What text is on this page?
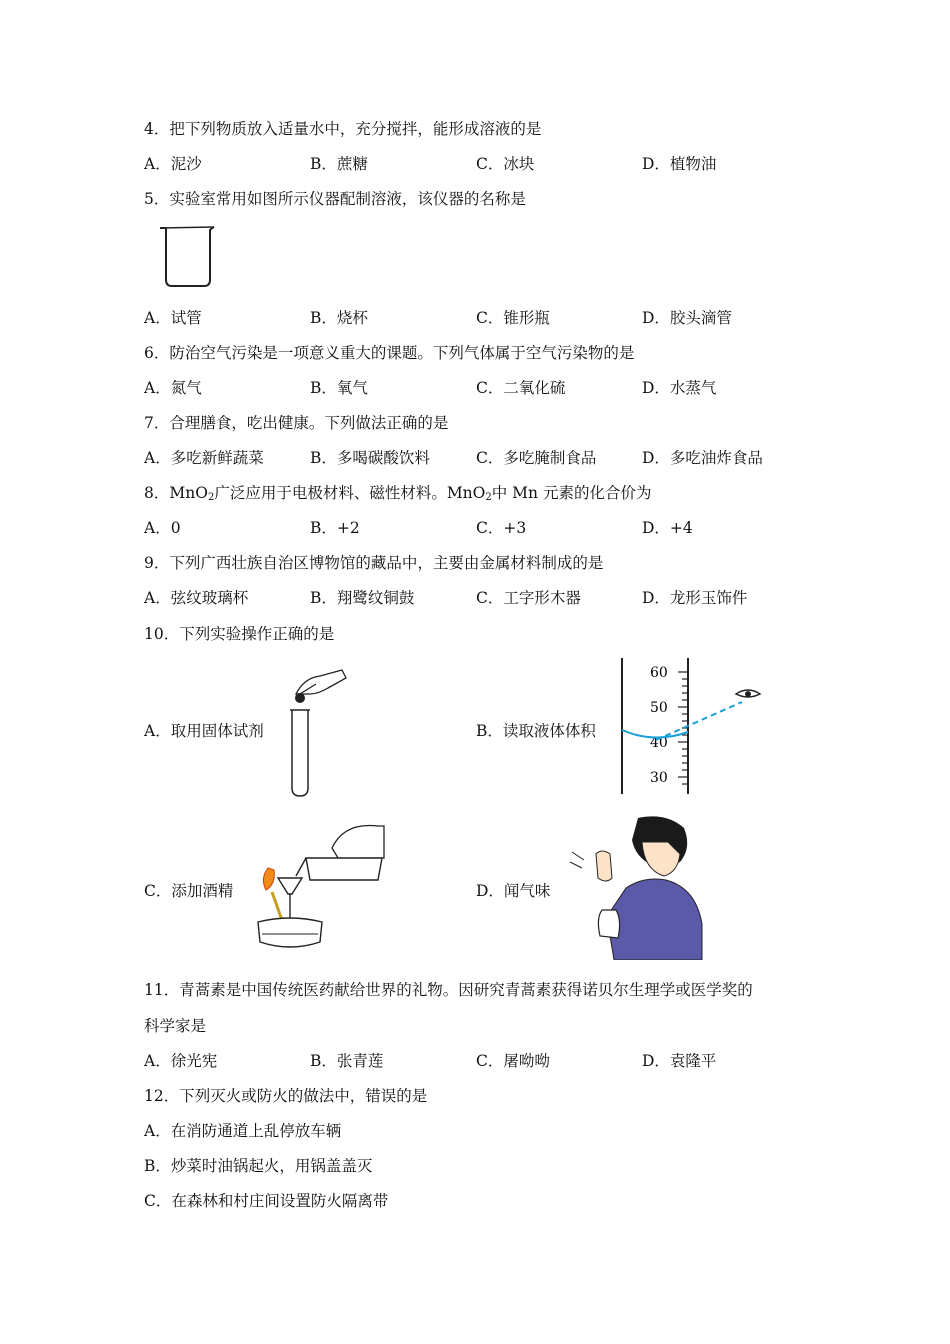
4．把下列物质放入适量水中，充分搅拌，能形成溶液的是
A．泥沙	B．蔗糖	C．冰块	D．植物油
5．实验室常用如图所示仪器配制溶液，该仪器的名称是
A．试管	B．烧杯	C．锥形瓶	D．胶头滴管
6．防治空气污染是一项意义重大的课题。下列气体属于空气污染物的是
A．氮气	B．氧气	C．二氧化硫	D．水蒸气
7．合理膳食，吃出健康。下列做法正确的是
A．多吃新鲜蔬菜	B．多喝碳酸饮料	C．多吃腌制食品	D．多吃油炸食品
8．MnO$_2$广泛应用于电极材料、磁性材料。MnO$_2$中 Mn 元素的化合价为
A．0	B．+2	C．+3	D．+4
9．下列广西壮族自治区博物馆的藏品中，主要由金属材料制成的是
A．弦纹玻璃杯	B．翔鹭纹铜鼓	C．工字形木器	D．龙形玉饰件
10．下列实验操作正确的是
A．取用固体试剂	B．读取液体体积
60
50
40
30
C．添加酒精	D．闻气味
11．青蒿素是中国传统医药献给世界的礼物。因研究青蒿素获得诺贝尔生理学或医学奖的
科学家是
A．徐光宪	B．张青莲	C．屠呦呦	D．袁隆平
12．下列灭火或防火的做法中，错误的是
A．在消防通道上乱停放车辆
B．炒菜时油锅起火，用锅盖盖灭
C．在森林和村庄间设置防火隔离带
